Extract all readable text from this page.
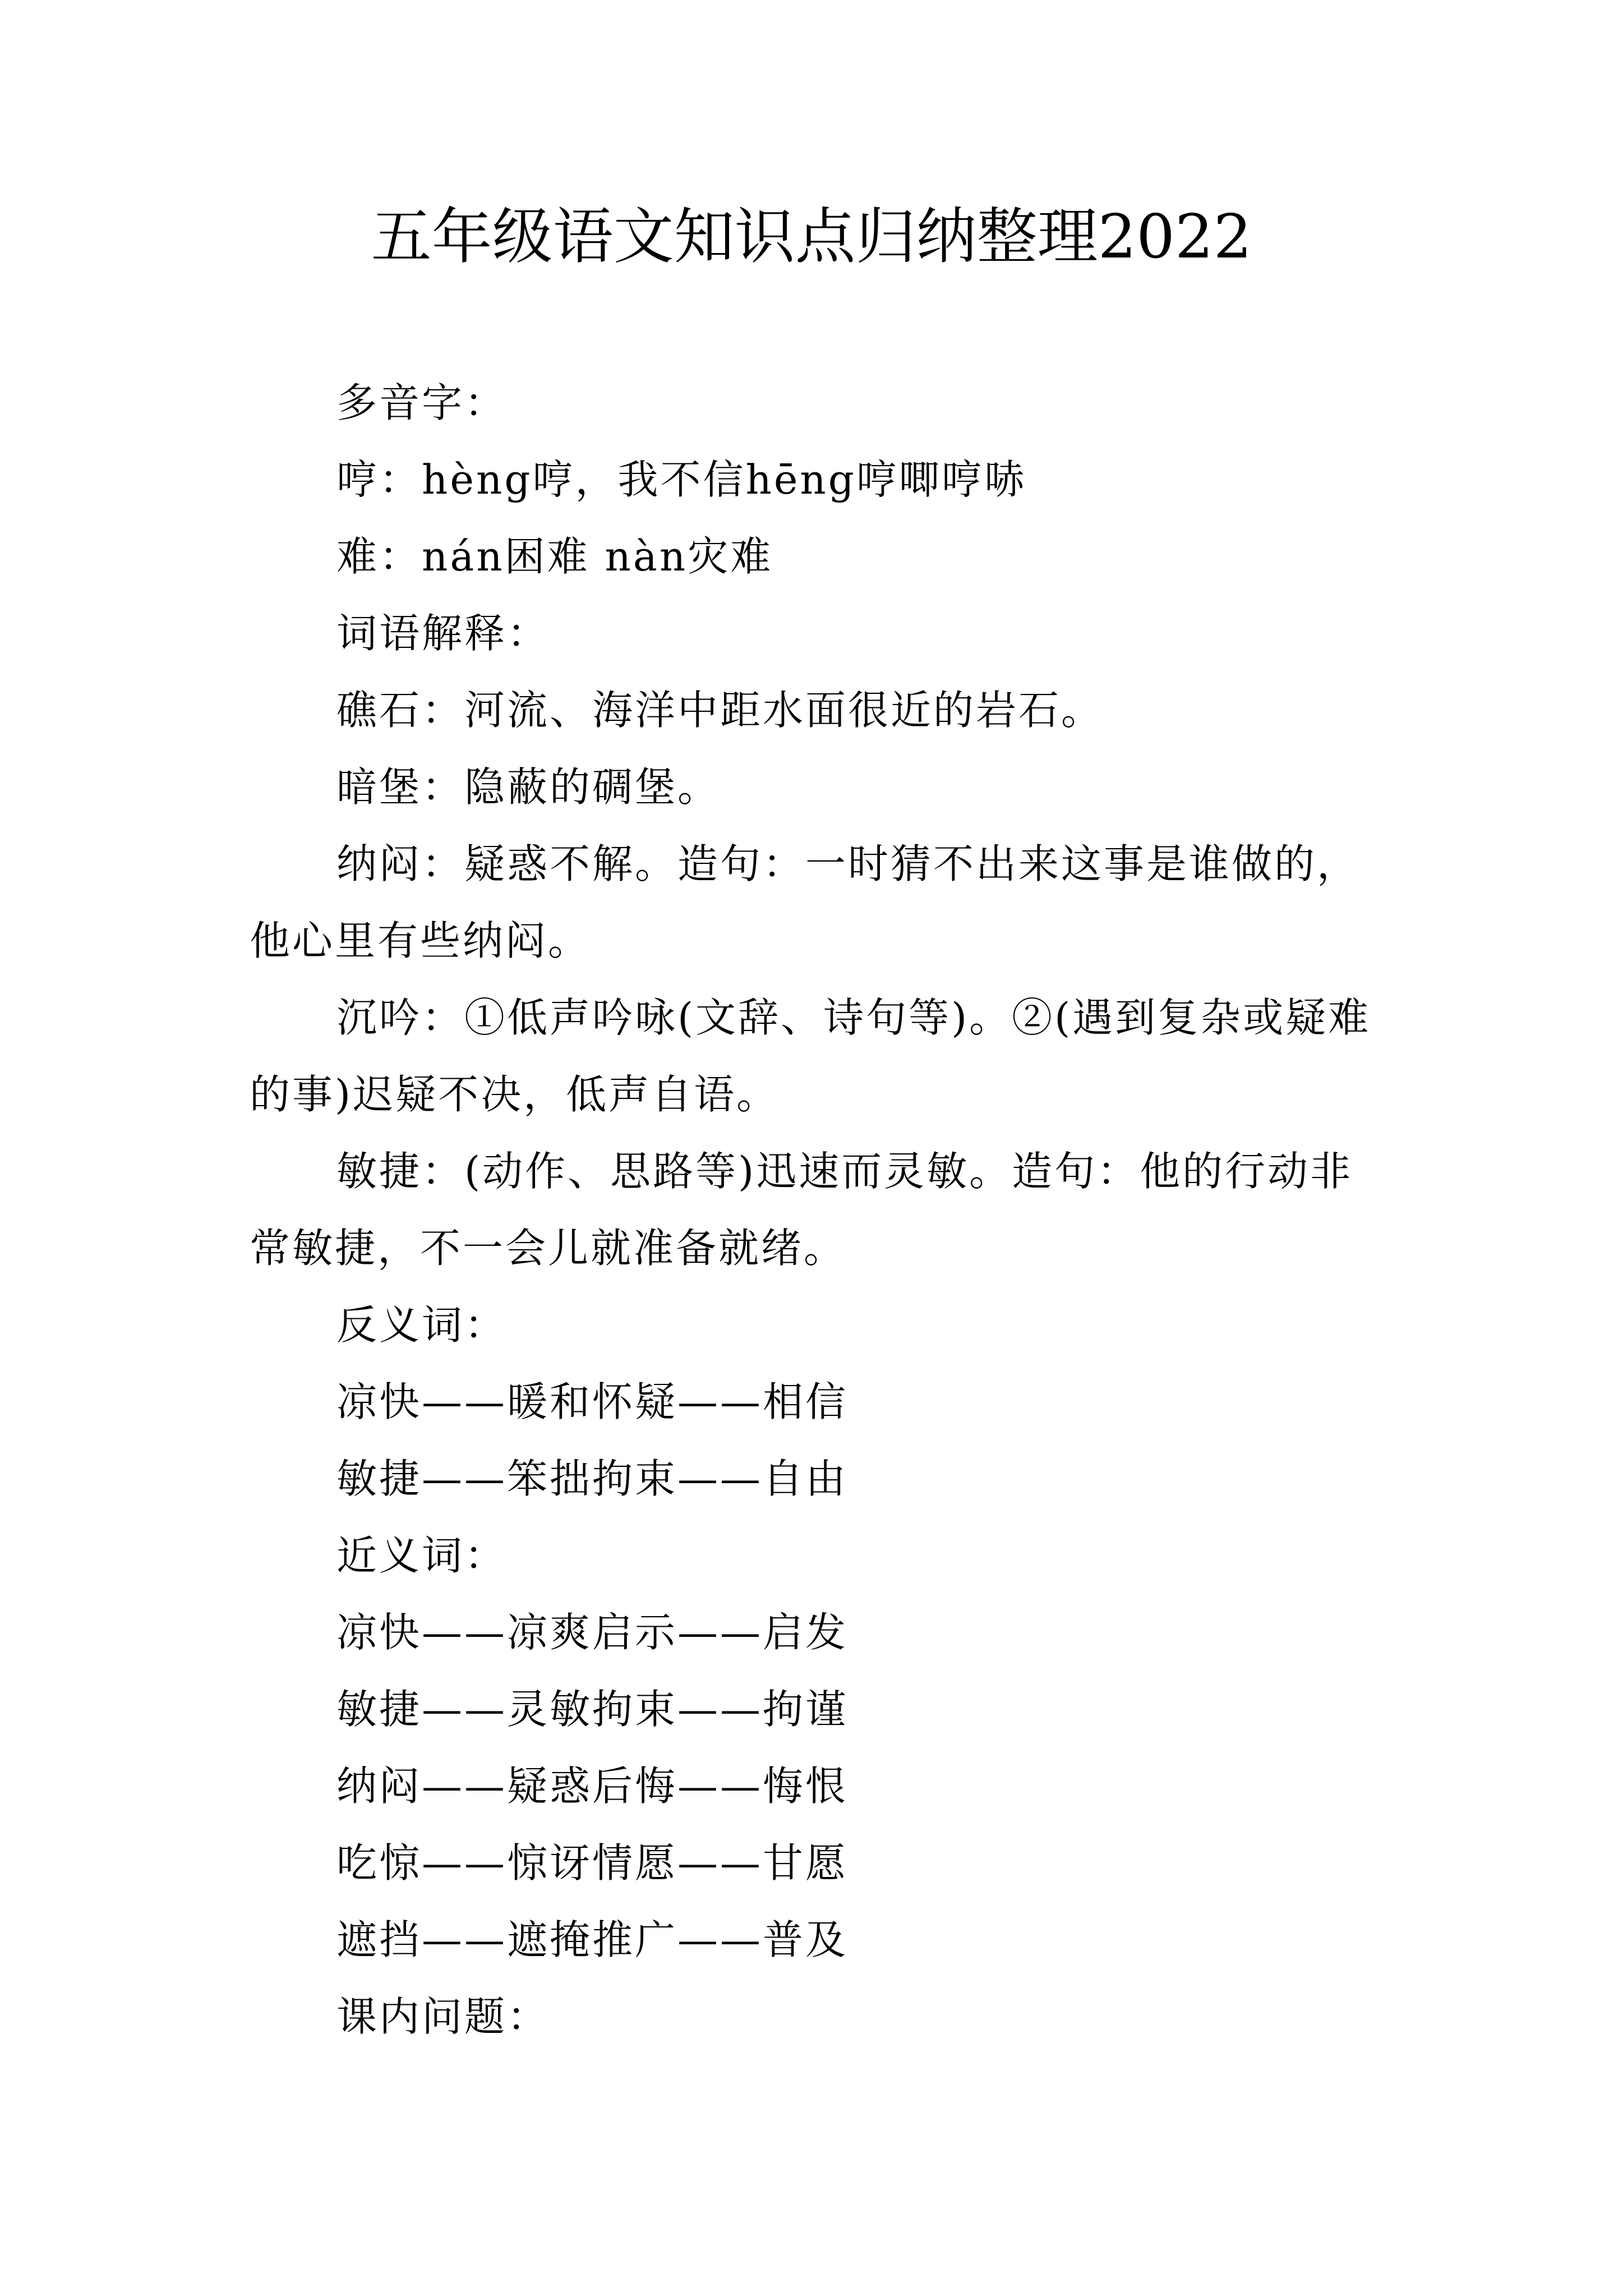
五年级语文知识点归纳整理2022

多音字：

哼：hèng哼，我不信hēng哼唧哼哧

难：nán困难 nàn灾难

词语解释：

礁石：河流、海洋中距水面很近的岩石。

暗堡：隐蔽的碉堡。

纳闷：疑惑不解。造句：一时猜不出来这事是谁做的，他心里有些纳闷。

沉吟：①低声吟咏(文辞、诗句等)。②(遇到复杂或疑难的事)迟疑不决，低声自语。

敏捷：(动作、思路等)迅速而灵敏。造句：他的行动非常敏捷，不一会儿就准备就绪。

反义词：

凉快——暖和怀疑——相信

敏捷——笨拙拘束——自由

近义词：

凉快——凉爽启示——启发

敏捷——灵敏拘束——拘谨

纳闷——疑惑后悔——悔恨

吃惊——惊讶情愿——甘愿

遮挡——遮掩推广——普及

课内问题：
